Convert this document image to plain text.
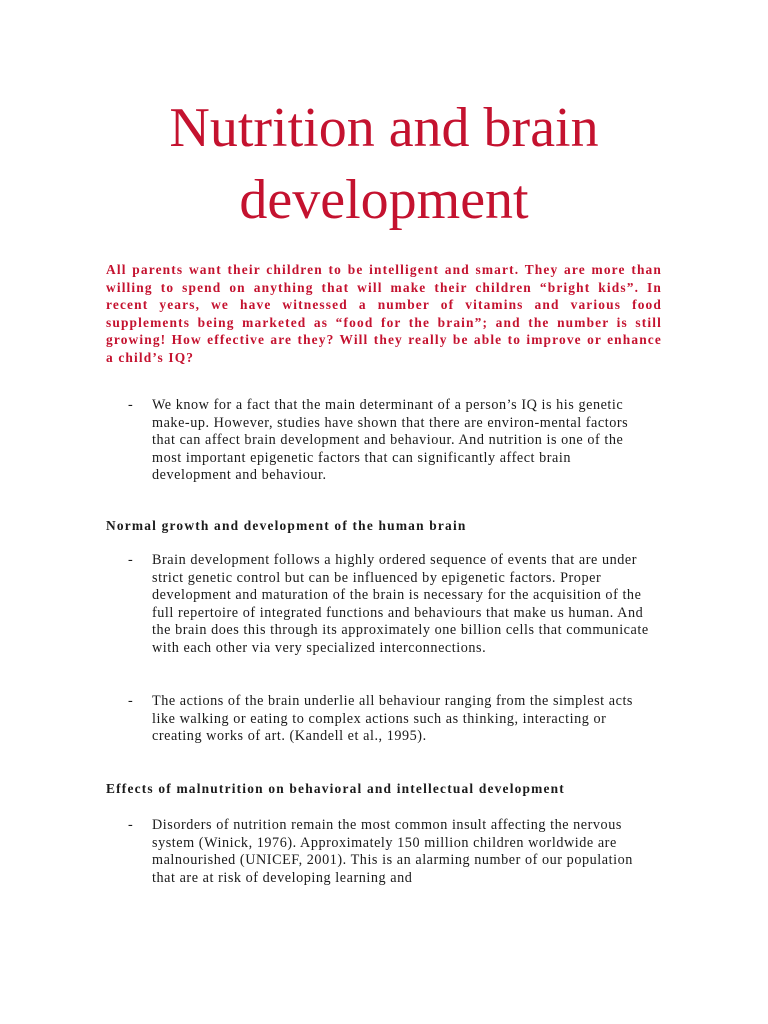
Nutrition and brain development

All parents want their children to be intelligent and smart. They are more than willing to spend on anything that will make their children “bright kids”. In recent years, we have witnessed a number of vitamins and various food supplements being marketed as “food for the brain”; and the number is still growing! How effective are they? Will they really be able to improve or enhance a child’s IQ?

- We know for a fact that the main determinant of a person’s IQ is his genetic make-up. However, studies have shown that there are environ-mental factors that can affect brain development and behaviour. And nutrition is one of the most important epigenetic factors that can significantly affect brain development and behaviour.

Normal growth and development of the human brain
- Brain development follows a highly ordered sequence of events that are under strict genetic control but can be influenced by epigenetic factors. Proper development and maturation of the brain is necessary for the acquisition of the full repertoire of integrated functions and behaviours that make us human. And the brain does this through its approximately one billion cells that communicate with each other via very specialized interconnections.

- The actions of the brain underlie all behaviour ranging from the simplest acts like walking or eating to complex actions such as thinking, interacting or creating works of art. (Kandell et al., 1995).

Effects of malnutrition on behavioral and intellectual development
- Disorders of nutrition remain the most common insult affecting the nervous system (Winick, 1976). Approximately 150 million children worldwide are malnourished (UNICEF, 2001). This is an alarming number of our population that are at risk of developing learning and
